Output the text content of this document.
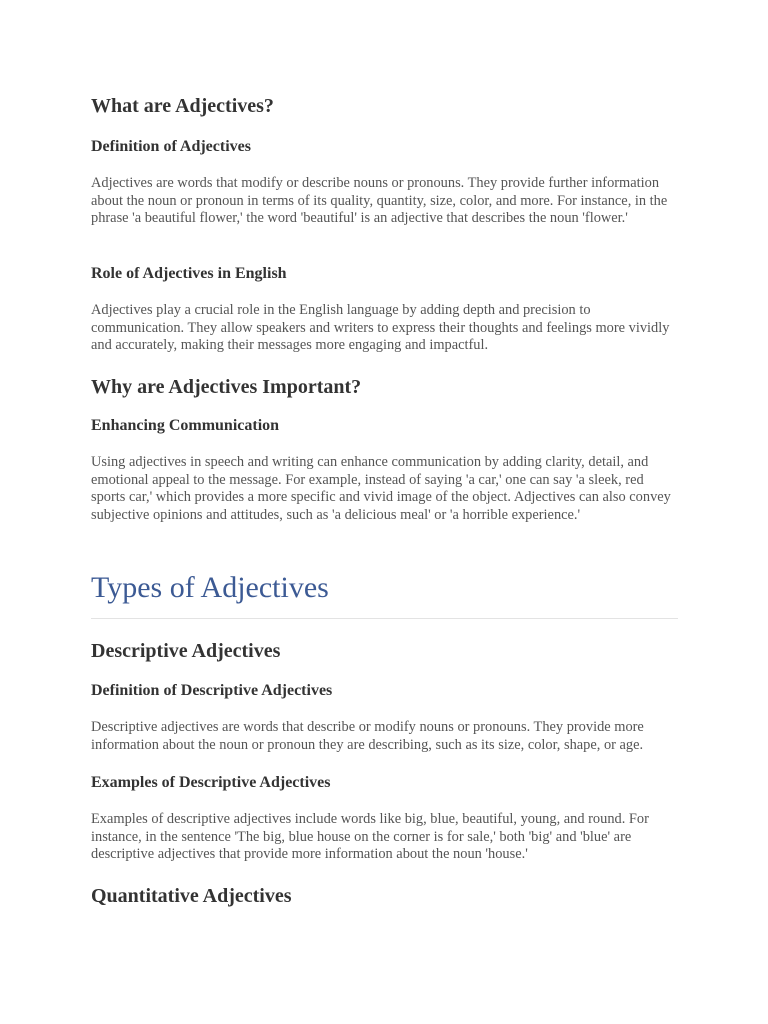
What are Adjectives?
Definition of Adjectives

Adjectives are words that modify or describe nouns or pronouns. They provide further information about the noun or pronoun in terms of its quality, quantity, size, color, and more. For instance, in the phrase 'a beautiful flower,' the word 'beautiful' is an adjective that describes the noun 'flower.'

Role of Adjectives in English

Adjectives play a crucial role in the English language by adding depth and precision to communication. They allow speakers and writers to express their thoughts and feelings more vividly and accurately, making their messages more engaging and impactful.

Why are Adjectives Important?
Enhancing Communication

Using adjectives in speech and writing can enhance communication by adding clarity, detail, and emotional appeal to the message. For example, instead of saying 'a car,' one can say 'a sleek, red sports car,' which provides a more specific and vivid image of the object. Adjectives can also convey subjective opinions and attitudes, such as 'a delicious meal' or 'a horrible experience.'

Types of Adjectives
Descriptive Adjectives
Definition of Descriptive Adjectives

Descriptive adjectives are words that describe or modify nouns or pronouns. They provide more information about the noun or pronoun they are describing, such as its size, color, shape, or age.

Examples of Descriptive Adjectives

Examples of descriptive adjectives include words like big, blue, beautiful, young, and round. For instance, in the sentence 'The big, blue house on the corner is for sale,' both 'big' and 'blue' are descriptive adjectives that provide more information about the noun 'house.'

Quantitative Adjectives
